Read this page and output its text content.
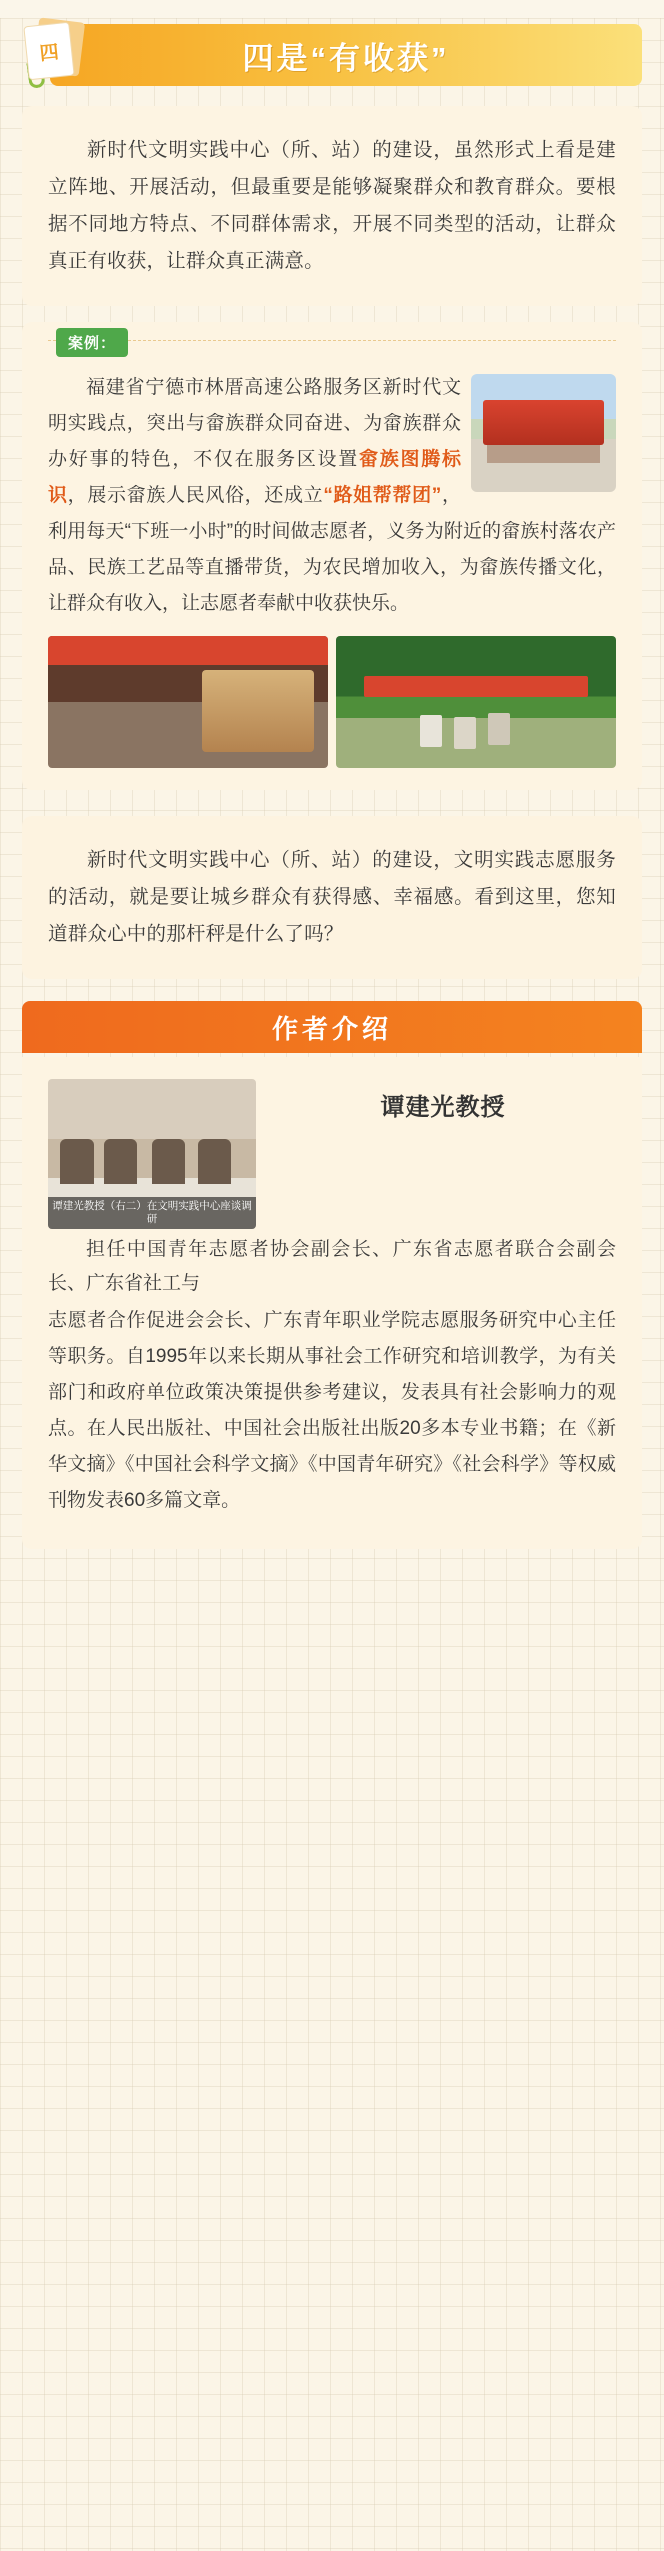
四是“有收获”
四

新时代文明实践中心（所、站）的建设，虽然形式上看是建立阵地、开展活动，但最重要是能够凝聚群众和教育群众。要根据不同地方特点、不同群体需求，开展不同类型的活动，让群众真正有收获，让群众真正满意。

案例：
福建省宁德市林厝高速公路服务区新时代文明实践点，突出与畲族群众同奋进、为畲族群众办好事的特色，不仅在服务区设置畲族图腾标识，展示畲族人民风俗，还成立“路姐帮帮团”，利用每天“下班一小时”的时间做志愿者，义务为附近的畲族村落农产品、民族工艺品等直播带货，为农民增加收入，为畲族传播文化，让群众有收入，让志愿者奉献中收获快乐。

新时代文明实践中心（所、站）的建设，文明实践志愿服务的活动，就是要让城乡群众有获得感、幸福感。看到这里，您知道群众心中的那杆秤是什么了吗？

作者介绍
谭建光教授（右二）在文明实践中心座谈调研
谭建光教授

担任中国青年志愿者协会副会长、广东省志愿者联合会副会长、广东省社工与

志愿者合作促进会会长、广东青年职业学院志愿服务研究中心主任等职务。自1995年以来长期从事社会工作研究和培训教学，为有关部门和政府单位政策决策提供参考建议，发表具有社会影响力的观点。在人民出版社、中国社会出版社出版20多本专业书籍；在《新华文摘》《中国社会科学文摘》《中国青年研究》《社会科学》等权威刊物发表60多篇文章。
